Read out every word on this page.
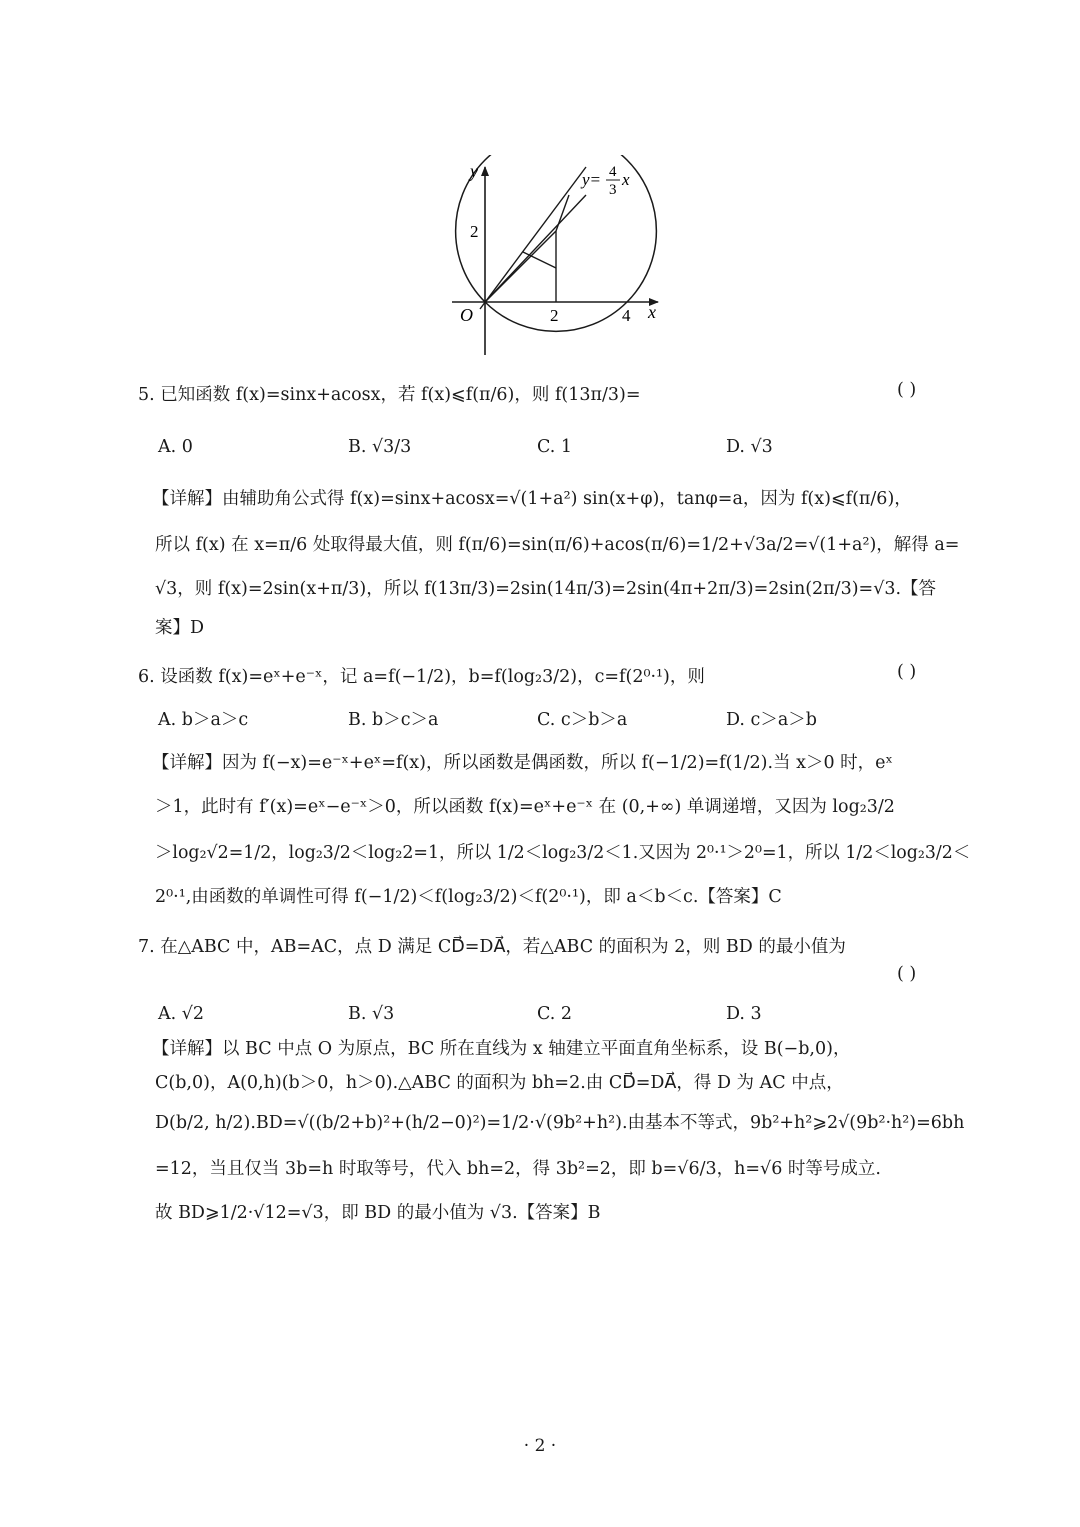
y
x
O
2
2	4
y= 4
3
x
5. 已知函数 f(x)=sinx+acosx，若 f(x)⩽f(π/6)，则 f(13π/3)=	( )
A. 0	B. √3/3	C. 1	D. √3
【详解】由辅助角公式得 f(x)=sinx+acosx=√(1+a²) sin(x+φ)，tanφ=a，因为 f(x)⩽f(π/6)，
所以 f(x) 在 x=π/6 处取得最大值，则 f(π/6)=sin(π/6)+acos(π/6)=1/2+√3a/2=√(1+a²)，解得 a=
√3，则 f(x)=2sin(x+π/3)，所以 f(13π/3)=2sin(14π/3)=2sin(4π+2π/3)=2sin(2π/3)=√3.【答
案】D
6. 设函数 f(x)=eˣ+e⁻ˣ，记 a=f(−1/2)，b=f(log₂3/2)，c=f(2⁰·¹)，则	( )
A. b＞a＞c	B. b＞c＞a	C. c＞b＞a	D. c＞a＞b
【详解】因为 f(−x)=e⁻ˣ+eˣ=f(x)，所以函数是偶函数，所以 f(−1/2)=f(1/2).当 x＞0 时，eˣ
＞1，此时有 f′(x)=eˣ−e⁻ˣ＞0，所以函数 f(x)=eˣ+e⁻ˣ 在 (0,+∞) 单调递增，又因为 log₂3/2
＞log₂√2=1/2，log₂3/2＜log₂2=1，所以 1/2＜log₂3/2＜1.又因为 2⁰·¹＞2⁰=1，所以 1/2＜log₂3/2＜
2⁰·¹,由函数的单调性可得 f(−1/2)＜f(log₂3/2)＜f(2⁰·¹)，即 a＜b＜c.【答案】C
7. 在△ABC 中，AB=AC，点 D 满足 CD⃗=DA⃗，若△ABC 的面积为 2，则 BD 的最小值为
( )
A. √2	B. √3	C. 2	D. 3
【详解】以 BC 中点 O 为原点，BC 所在直线为 x 轴建立平面直角坐标系，设 B(−b,0)，
C(b,0)，A(0,h)(b＞0，h＞0).△ABC 的面积为 bh=2.由 CD⃗=DA⃗，得 D 为 AC 中点，
D(b/2, h/2).BD=√((b/2+b)²+(h/2−0)²)=1/2·√(9b²+h²).由基本不等式，9b²+h²⩾2√(9b²·h²)=6bh
=12，当且仅当 3b=h 时取等号，代入 bh=2，得 3b²=2，即 b=√6/3，h=√6 时等号成立.
故 BD⩾1/2·√12=√3，即 BD 的最小值为 √3.【答案】B
· 2 ·
